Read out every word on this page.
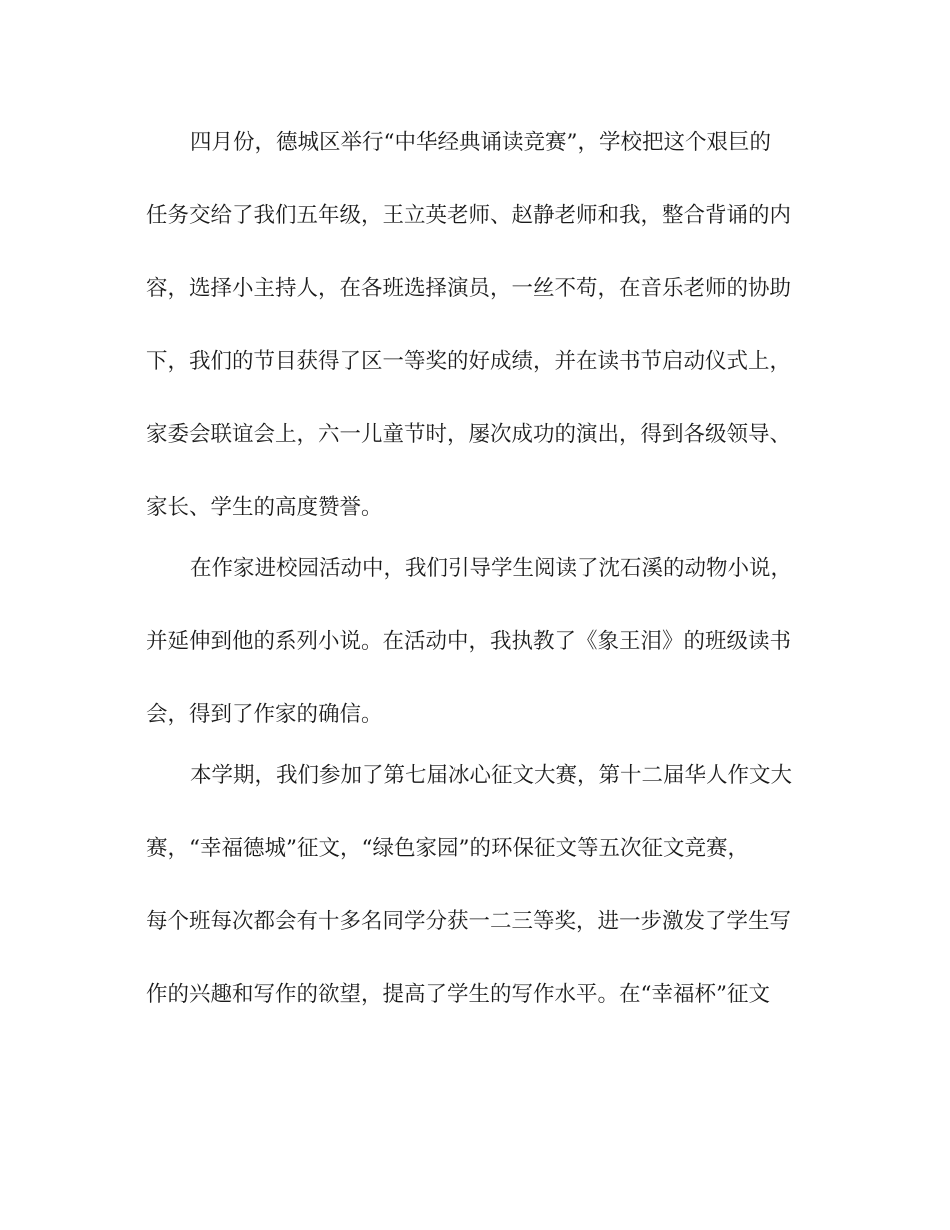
四月份，德城区举行“中华经典诵读竞赛”，学校把这个艰巨的
任务交给了我们五年级，王立英老师、赵静老师和我，整合背诵的内
容，选择小主持人，在各班选择演员，一丝不苟，在音乐老师的协助
下，我们的节目获得了区一等奖的好成绩，并在读书节启动仪式上，
家委会联谊会上，六一儿童节时，屡次成功的演出，得到各级领导、
家长、学生的高度赞誉。
在作家进校园活动中，我们引导学生阅读了沈石溪的动物小说，
并延伸到他的系列小说。在活动中，我执教了《象王泪》的班级读书
会，得到了作家的确信。
本学期，我们参加了第七届冰心征文大赛，第十二届华人作文大
赛，“幸福德城”征文，“绿色家园”的环保征文等五次征文竞赛，
每个班每次都会有十多名同学分获一二三等奖，进一步激发了学生写
作的兴趣和写作的欲望，提高了学生的写作水平。在“幸福杯”征文
